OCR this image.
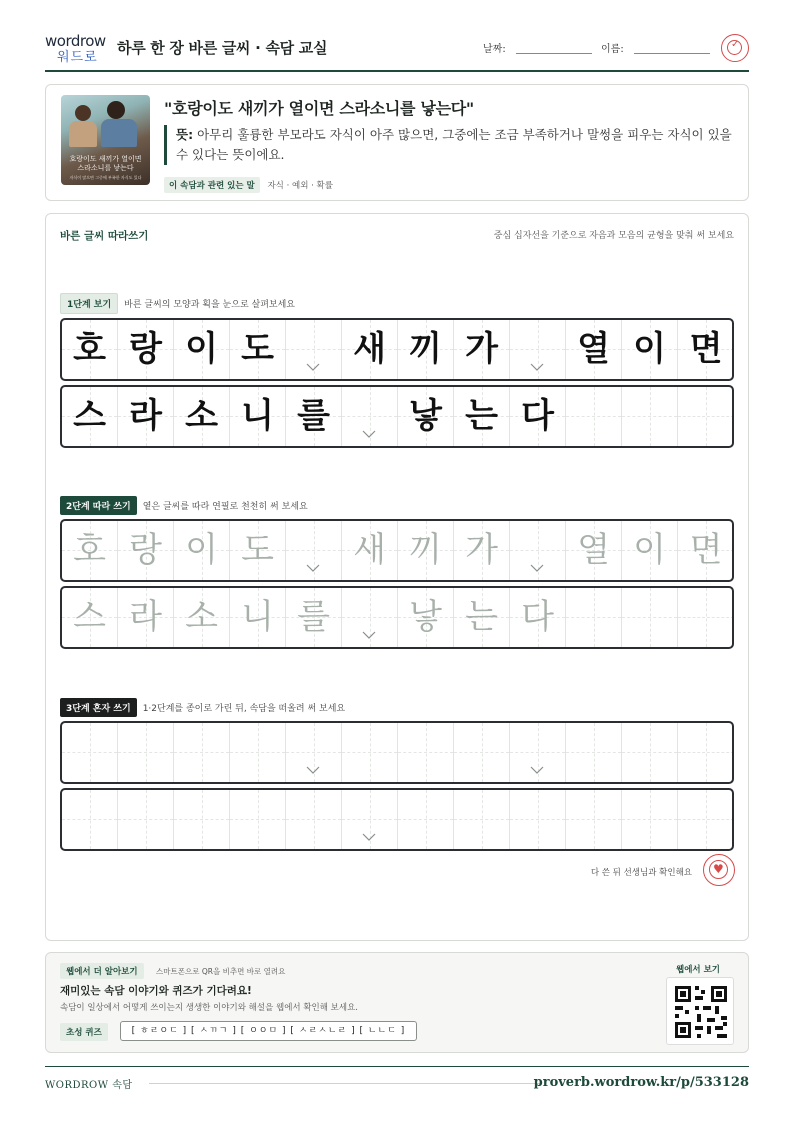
wordrow
워드로
하루 한 장 바른 글씨 · 속담 교실	날짜:	이름:	✓
호랑이도 새끼가 열이면 스라소니를 낳는다
자식이 많으면 그중에 부족한 자식도 있다
"호랑이도 새끼가 열이면 스라소니를 낳는다"
뜻: 아무리 훌륭한 부모라도 자식이 아주 많으면, 그중에는 조금 부족하거나 말썽을 피우는 자식이 있을 수 있다는 뜻이에요.
이 속담과 관련 있는 말 자식 · 예외 · 확률
바른 글씨 따라쓰기	중심 십자선을 기준으로 자음과 모음의 균형을 맞춰 써 보세요
1단계 보기 바른 글씨의 모양과 획을 눈으로 살펴보세요
호 랑 이 도	새 끼 가	열 이 면
스 라 소 니 를	낳 는 다
2단계 따라 쓰기 옅은 글씨를 따라 연필로 천천히 써 보세요
호 랑 이 도	새 끼 가	열 이 면
스 라 소 니 를	낳 는 다
3단계 혼자 쓰기 1·2단계를 종이로 가린 뒤, 속담을 떠올려 써 보세요
다 쓴 뒤 선생님과 확인해요 ♥
웹에서 더 알아보기	스마트폰으로 QR을 비추면 바로 열려요
재미있는 속담 이야기와 퀴즈가 기다려요!
속담이 일상에서 어떻게 쓰이는지 생생한 이야기와 해설을 웹에서 확인해 보세요.
초성 퀴즈	[ ㅎㄹㅇㄷ ] [ ㅅㄲㄱ ] [ ㅇㅇㅁ ] [ ㅅㄹㅅㄴㄹ ] [ ㄴㄴㄷ ]
웹에서 보기
WORDROW 속담	proverb.wordrow.kr/p/533128
